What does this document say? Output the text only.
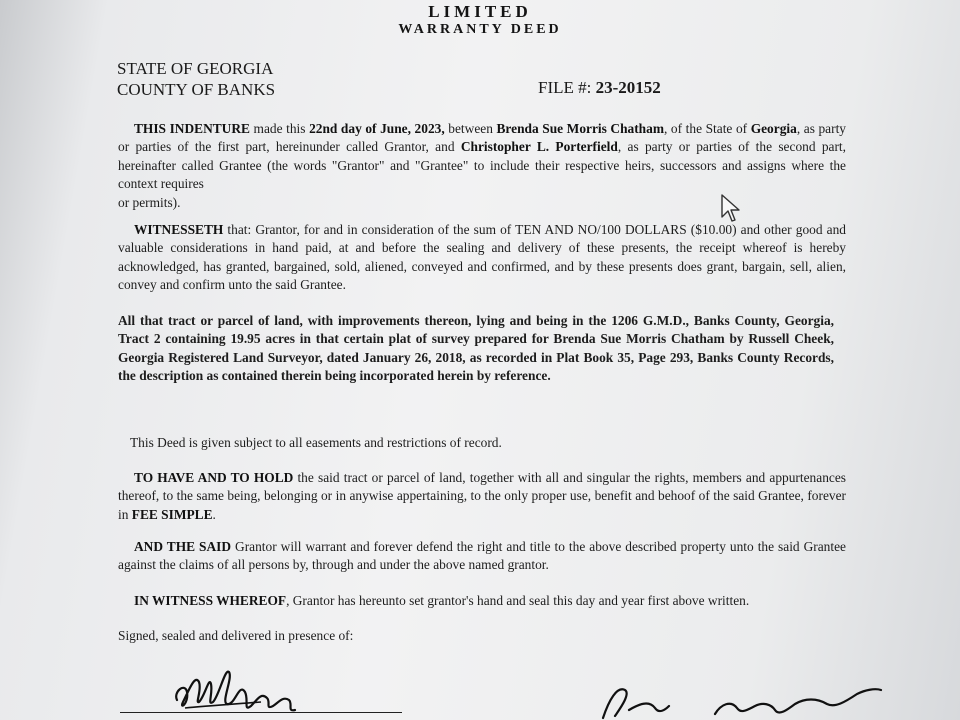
LIMITED
WARRANTY DEED
STATE OF GEORGIA
COUNTY OF BANKS	FILE #: 23-20152

THIS INDENTURE made this 22nd day of June, 2023, between Brenda Sue Morris Chatham, of the State of Georgia, as party or parties of the first part, hereinunder called Grantor, and Christopher L. Porterfield, as party or parties of the second part, hereinafter called Grantee (the words "Grantor" and "Grantee" to include their respective heirs, successors and assigns where the context requires
or permits).

WITNESSETH that: Grantor, for and in consideration of the sum of TEN AND NO/100 DOLLARS ($10.00) and other good and valuable considerations in hand paid, at and before the sealing and delivery of these presents, the receipt whereof is hereby acknowledged, has granted, bargained, sold, aliened, conveyed and confirmed, and by these presents does grant, bargain, sell, alien, convey and confirm unto the said Grantee.

All that tract or parcel of land, with improvements thereon, lying and being in the 1206 G.M.D., Banks County, Georgia, Tract 2 containing 19.95 acres in that certain plat of survey prepared for Brenda Sue Morris Chatham by Russell Cheek, Georgia Registered Land Surveyor, dated January 26, 2018, as recorded in Plat Book 35, Page 293, Banks County Records, the description as contained therein being incorporated herein by reference.

This Deed is given subject to all easements and restrictions of record.

TO HAVE AND TO HOLD the said tract or parcel of land, together with all and singular the rights, members and appurtenances thereof, to the same being, belonging or in anywise appertaining, to the only proper use, benefit and behoof of the said Grantee, forever in FEE SIMPLE.

AND THE SAID Grantor will warrant and forever defend the right and title to the above described property unto the said Grantee against the claims of all persons by, through and under the above named grantor.

IN WITNESS WHEREOF, Grantor has hereunto set grantor's hand and seal this day and year first above written.

Signed, sealed and delivered in presence of:
